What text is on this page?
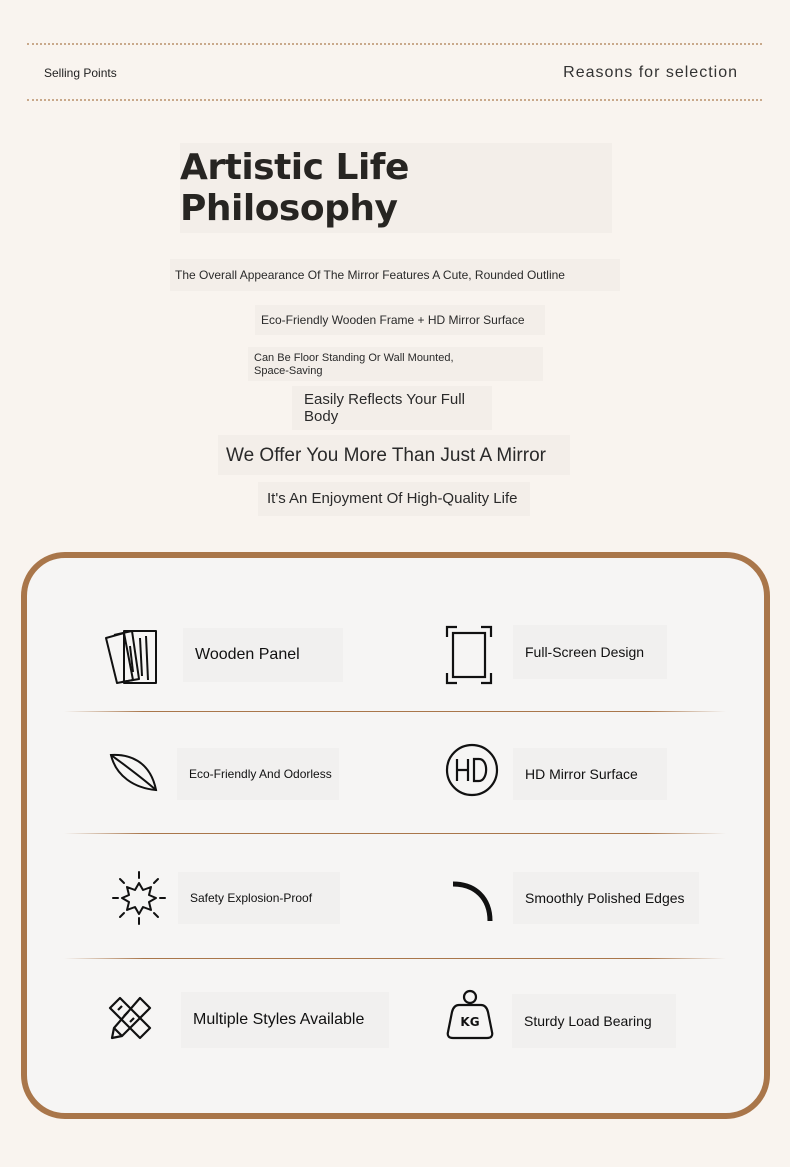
Selling Points	Reasons for selection
Artistic Life Philosophy
The Overall Appearance Of The Mirror Features A Cute, Rounded Outline
Eco-Friendly Wooden Frame + HD Mirror Surface
Can Be Floor Standing Or Wall Mounted,
Space-Saving
Easily Reflects Your Full
Body
We Offer You More Than Just A Mirror
It's An Enjoyment Of High-Quality Life
Wooden Panel	Full-Screen Design
Eco-Friendly And Odorless	HD Mirror Surface
Safety Explosion-Proof	Smoothly Polished Edges
Multiple Styles Available	KG	Sturdy Load Bearing
